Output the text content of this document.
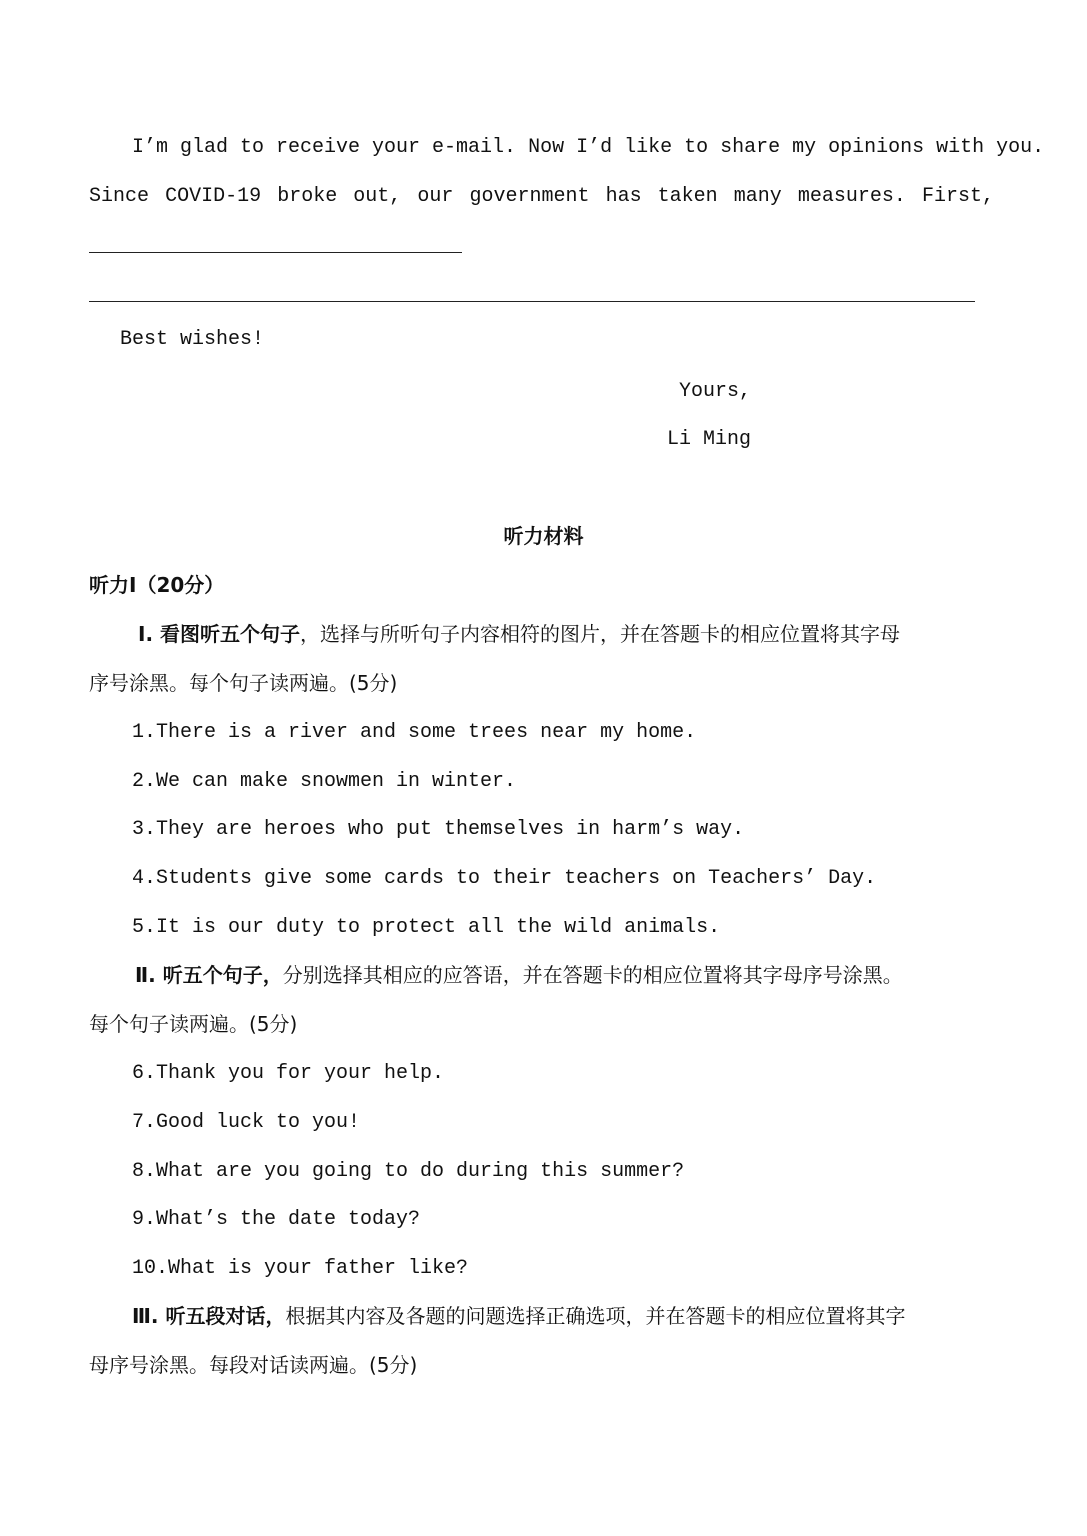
I’m glad to receive your e-mail. Now I’d like to share my opinions with you.
Since COVID-19 broke out, our government has taken many measures. First,
Best wishes!
Yours,
Li Ming
听力材料
听力Ⅰ（20分）
Ⅰ. 看图听五个句子，选择与所听句子内容相符的图片，并在答题卡的相应位置将其字母
序号涂黑。每个句子读两遍。(5分)
1.There is a river and some trees near my home.
2.We can make snowmen in winter.
3.They are heroes who put themselves in harm’s way.
4.Students give some cards to their teachers on Teachers’ Day.
5.It is our duty to protect all the wild animals.
Ⅱ. 听五个句子，分别选择其相应的应答语，并在答题卡的相应位置将其字母序号涂黑。
每个句子读两遍。(5分)
6.Thank you for your help.
7.Good luck to you!
8.What are you going to do during this summer?
9.What’s the date today?
10.What is your father like?
Ⅲ. 听五段对话，根据其内容及各题的问题选择正确选项，并在答题卡的相应位置将其字
母序号涂黑。每段对话读两遍。(5分)
